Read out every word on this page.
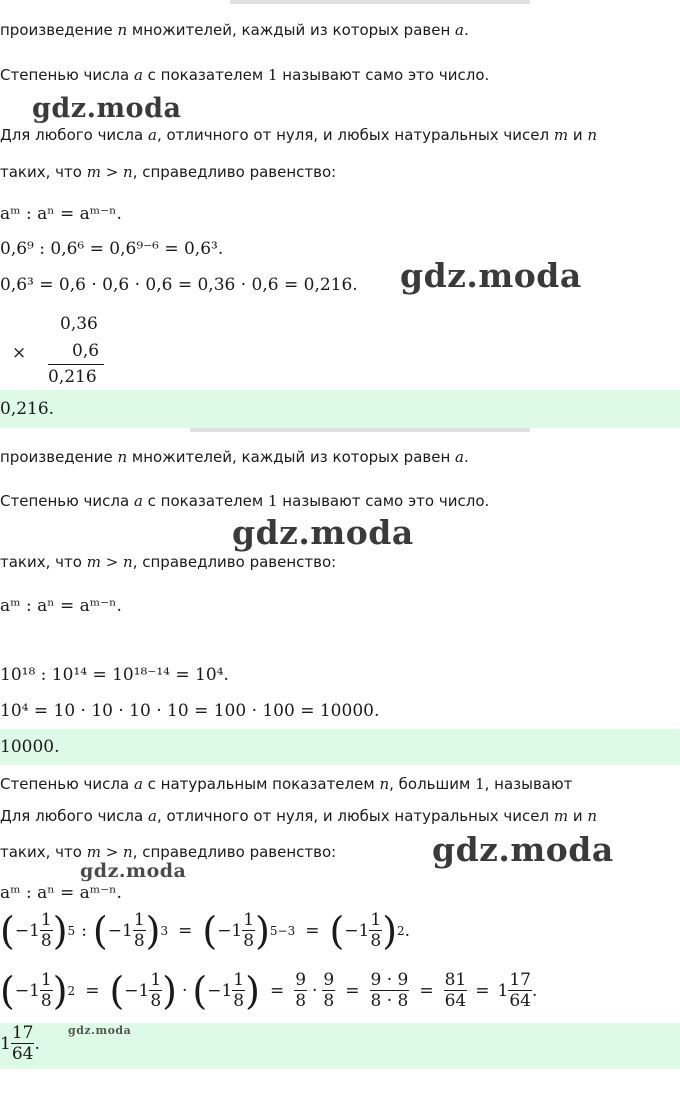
произведение n множителей, каждый из которых равен a.
Степенью числа a с показателем 1 называют само это число.
gdz.moda
Для любого числа a, отличного от нуля, и любых натуральных чисел m и n
таких, что m > n, справедливо равенство:
aᵐ : aⁿ = aᵐ⁻ⁿ.
0,6⁹ : 0,6⁶ = 0,6⁹⁻⁶ = 0,6³.
0,6³ = 0,6 · 0,6 · 0,6 = 0,36 · 0,6 = 0,216. gdz.moda
0,36
×	0,6
0,216
0,216.
произведение n множителей, каждый из которых равен a.
Степенью числа a с показателем 1 называют само это число.
gdz.moda
таких, что m > n, справедливо равенство:
aᵐ : aⁿ = aᵐ⁻ⁿ.
10¹⁸ : 10¹⁴ = 10¹⁸⁻¹⁴ = 10⁴.
10⁴ = 10 · 10 · 10 · 10 = 100 · 100 = 10000.
10000.
Степенью числа a с натуральным показателем n, большим 1, называют
Для любого числа a, отличного от нуля, и любых натуральных чисел m и n
таких, что m > n, справедливо равенство:	gdz.moda
gdz.moda
aᵐ : aⁿ = aᵐ⁻ⁿ.
( $-1 \frac{1}{8}$ ) 5 : ( $-1 \frac{1}{8}$ ) 3 = ( $-1 \frac{1}{8}$ ) 5−3 = ( $-1 \frac{1}{8}$ ) 2 .
( $-1 \frac{1}{8}$ ) 2 = ( $-1 \frac{1}{8}$ ) · ( $-1 \frac{1}{8}$ ) = $\frac{9}{8} \cdot \frac{9}{8} = \frac{9 \cdot 9}{8 \cdot 8} = \frac{81}{64} = 1 \frac{17}{64}$ .
$1 \frac{17}{64}$ .
gdz.moda
